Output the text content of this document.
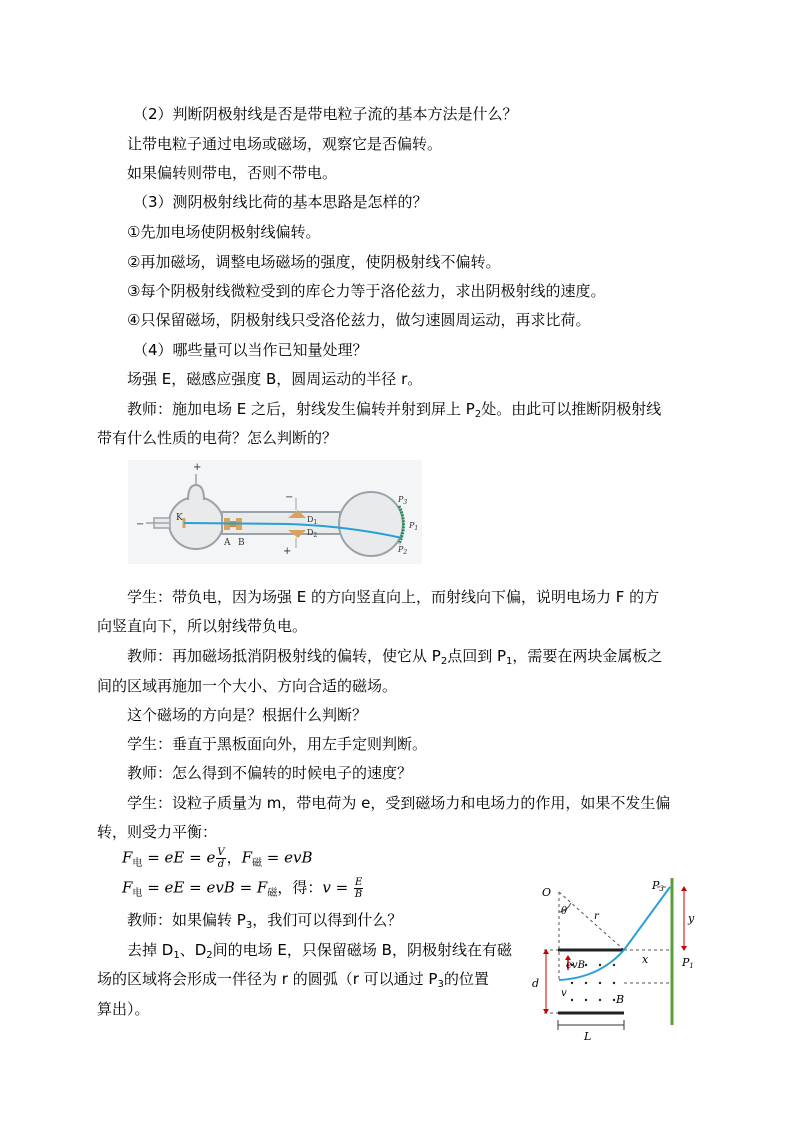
（2）判断阴极射线是否是带电粒子流的基本方法是什么？
让带电粒子通过电场或磁场，观察它是否偏转。
如果偏转则带电，否则不带电。
（3）测阴极射线比荷的基本思路是怎样的？
①先加电场使阴极射线偏转。
②再加磁场，调整电场磁场的强度，使阴极射线不偏转。
③每个阴极射线微粒受到的库仑力等于洛伦兹力，求出阴极射线的速度。
④只保留磁场，阴极射线只受洛伦兹力，做匀速圆周运动，再求比荷。
（4）哪些量可以当作已知量处理？
场强 E，磁感应强度 B，圆周运动的半径 r。
教师：施加电场 E 之后，射线发生偏转并射到屏上 $P_2$处。由此可以推断阴极射线
带有什么性质的电荷？怎么判断的？
+
−
K
A B
$D_1$
$D_2$
−
+
$P_3$
$P_1$
$P_2$
学生：带负电，因为场强 E 的方向竖直向上，而射线向下偏，说明电场力 F 的方
向竖直向下，所以射线带负电。
教师：再加磁场抵消阴极射线的偏转，使它从 $P_2$点回到 $P_1$，需要在两块金属板之
间的区域再施加一个大小、方向合适的磁场。
这个磁场的方向是？根据什么判断？
学生：垂直于黑板面向外，用左手定则判断。
教师：怎么得到不偏转的时候电子的速度？
学生：设粒子质量为 m，带电荷为 e，受到磁场力和电场力的作用，如果不发生偏
转，则受力平衡：
$F_电$ = eE = e $\frac{V}{d}$ ，$F_磁$ = evB
$F_电$ = eE = evB = $F_磁$，得：$v = \frac{E}{B}$
教师：如果偏转 $P_3$，我们可以得到什么？
去掉 $D_1$、$D_2$间的电场 E，只保留磁场 B，阴极射线在有磁
场的区域将会形成一伴径为 r 的圆弧（r 可以通过 $P_3$的位置
算出）。
O
θ	r
P3
y
x	P1
d
evB
v	B
L
